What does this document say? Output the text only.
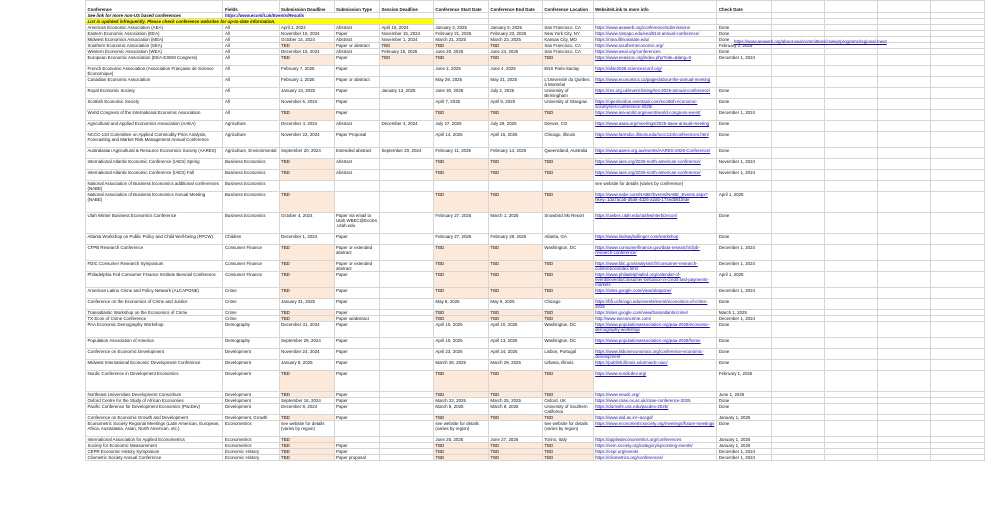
Conference	Fields	Submission Deadline	Submission Type	Session Deadline	Conference Start Date	Conference End Date	Conference Location	Website/Link to more info	Check Date				
See link for more non-US based conferences	https://www.econlit.uk/Events/Results												
List is updated infrequently. Please check conference websites for up-to-date information.													
American Economic Association (AEA)	All	April 1, 2024	Abstract	April 15, 2024	January 3, 2025	January 5, 2025	San Francisco, CA	https://www.aeaweb.org/conference/submissions	Done				
Eastern Economic Association (EEA)	All	November 15, 2024	Paper	November 15, 2024	February 21, 2025	February 23, 2025	New York City, NY	https://www.ramapo.edu/eea/51st-annual-conference/	Done				
Midwest Economics Association (MEA)	All	October 14, 2024	Abstract	November 1, 2024	March 21, 2025	March 23, 2025	Kansas City, MO	https://mea.illinoisstate.edu/	Done				
Southern Economic Association (SEA)	All	TBD	Paper or abstract	TBD	TBD	TBD	San Francisco, CA	https://www.southerneconomic.org/	February 1, 2025				
Western Economic Association (WEA)	All	December 15, 2024	Abstract	February 15, 2025	June 20, 2025	June 24, 2025	San Francisco, CA	https://www.weai.org/conferences	Done				
European Economic Association (EEA-ESEM Congress)	All	TBD	Paper	TBD	TBD	TBD	TBD	https://www.eeassoc.org/index.php?site=&lang=0	December 1, 2024				
French Economic Association (Association Française de Science Économique)	All	February 7, 2025	Paper		June 2, 2025	June 4, 2025	ENS Paris-Saclay	https://afse2025.sciencesconf.org/					
Canadian Economic Association	All	February 1, 2025	Paper or abstract		May 29, 2025	May 31, 2025	L'Université du Québec à Montréal	https://www.economics.ca/pages/about-the-annual-meeting					
Royal Economic Society	All	January 13, 2025	Paper	January 13, 2025	June 30, 2025	July 2, 2025	University of Birmingham	https://res.org.uk/event-listing/res-2025-annual-conference/	Done				
Scottish Economic Society	All	November 6, 2024	Paper		April 7, 2025	April 9, 2025	University of Glasgow	https://openlondon.eventsair.com/scottish-economic-society/ses-conference-2025/	Done				
World Congress of the International Economic Association	All	TBD	Paper		TBD	TBD	TBD	https://www.iea-world.org/event/world-congress-event/	December 1, 2024				
Agricultural and Applied Economics Association (AAEA)	Agriculture	December 4, 2024	Abstract	December 4, 2024	July 27, 2025	July 29, 2025	Denver, CO	https://www.aaea.org/meetings/2025-aaea-annual-meeting	Done				
NCCC-134 Committee on Applied Commodity Price Analysis, Forecasting and Market Risk Management Annual Conference	Agriculture	November 22, 2024	Paper Proposal		April 14, 2025	April 15, 2025	Chicago, Illinois	https://www.farmdoc.illinois.edu/nccc134/conferences.html	Done				
Australasian Agricultural & Resource Economics Society (AARES)	Agriculture, Environmental	September 20, 2024	Extended abstract	September 20, 2024	February 11, 2025	February 14, 2025	Queensland, Australia	https://www.aares.org.au/events/AARES-2025-Conference/	Done				
International Atlantic Economic Conference (IAES) Spring	Business Economics	TBD	Abstract		TBD	TBD	TBD	https://www.iaes.org/2025-north-american-conference/	November 1, 2024				
International Atlantic Economic Conference (IAES) Fall	Business Economics	TBD	Abstract		TBD	TBD	TBD	https://www.iaes.org/2025-north-american-conference/	November 1, 2024				
National Association of Business Economics additional conferences (NABE)	Business Economics							see website for details (varies by conference)					
National Association of Business Economics Annual Meeting (NABE)	Business Economics	TBD			TBD	TBD	TBD	https://www.nabe.com/NABE/Events/NABE_Events.aspx?hkey=1da7acab-d5a5-4d25-a2ab-174edb915fde	April 1, 2025				
Utah Winter Business Economics Conference	Business Economics	October 4, 2024	Paper via email to Utah.WBEC@Eccles.Utah.edu		February 27, 2025	March 1, 2025	Snowbird Ski Resort	https://uwbec.utah.edu/utahwinterbizecon/	Done				
Atlanta Workshop on Public Policy and Child Well-being (FPCW)	Children	December 1, 2024	Paper		February 27, 2025	February 28, 2025	Atlanta, GA	https://www.lindsaybullinger.com/workshop	Done				
CFPB Research Conference	Consumer Finance	TBD	Paper or extended abstract		TBD	TBD	Washington, DC	https://www.consumerfinance.gov/data-research/cfpb-research-conference/	December 1, 2024				
FDIC Consumer Research Symposium	Consumer Finance	TBD	Paper or extended abstract		TBD	TBD	TBD	https://www.fdic.gov/analysis/cfr/consumer-research-conference/index.html	December 1, 2024				
Philadelphia Fed Consumer Finance Institute Biennial Conference	Consumer Finance	TBD	Paper		TBD	TBD	TBD	https://www.philadelphiafed.org/calendar-of-events/events/consumer-behavior-in-credit-and-payments-markets	April 1, 2025				
American Latino Crime and Policy Network (ALCAPONE)	Crime	TBD	Paper		TBD	TBD	TBD	https://sites.google.com/view/alcapone/	December 1, 2024				
Conference on the Economics of Crime and Justice	Crime	January 31, 2025	Paper		May 8, 2025	May 9, 2025	Chicago	https://bfi.uchicago.edu/events/event/economics-of-crime-2025	Done				
Transatlantic Workshop on the Economics of Crime	Crime	TBD	Paper		TBD	TBD	TBD	https://sites.google.com/view/transatlanticcrime/	March 1, 2025				
TX Econ of Crime Conference	Crime	TBD	Paper w/abstract		TBD	TBD	TBD	http://www.txeconcrime.com/	December 1, 2024				
PAA Economic Demography Workshop	Demography	December 31, 2024	Paper		April 10, 2025	April 10, 2025	Washington, DC	https://www.populationassociation.org/paa-2025/economic-demography-workshop	Done				
Population Association of America	Demography	September 29, 2024	Paper		April 10, 2025	April 13, 2025	Washington, DC	https://www.populationassociation.org/paa-2025/home	Done				
Conference on Economic Development	Development	November 24, 2024	Paper		April 23, 2025	April 24, 2025	Lisbon, Portugal	https://www.lisboneconomics.org/conference-economic-development	Done				
Midwest International Economic Development Conference	Development	January 8, 2025	Paper		March 28, 2025	March 29, 2025	Urbana, Illinois	https://publish.illinois.edu/miedc-uiuc/	Done				
Nordic Conference in Development Economics	Development	TBD	Paper		TBD	TBD	TBD	https://www.nordicdev.org/	February 1, 2025				
Northeast Universities Development Consortium	Development	TBD	Paper		TBD	TBD	TBD	https://www.neudc.org/	June 1, 2025				
Oxford Centre for the Study of African Economies	Development	September 16, 2024	Paper		March 23, 2025	March 25, 2025	Oxford, UK	https://www.csae.ox.ac.uk/csae-conference-2025	Done				
Pacific Conference for Development Economics (PacDev)	Development	December 8, 2024	Paper		March 8, 2025	March 8, 2025	University of Southern California	https://dornsife.usc.edu/pacdev-2025/	Done				
Conference on Economic Growth and Development	Development, Growth	TBD	Paper		TBD	TBD	TBD	https://www.isid.ac.in/~acegd/	January 1, 2025				
Econometric Society Regional Meetings (Latin American, European, Africa, Australasia, Asian, North American, etc.)	Econometrics	see website for details (varies by region)			see website for details (varies by region)		see website for details (varies by region)	https://www.econometricsociety.org/meetings/future-meetings	Done				
International Association for Applied Econometrics	Econometrics	TBD			June 25, 2025	June 27, 2025	Torino, Italy	https://appliedeconometrics.org/conferences	January 1, 2025				
Society for Economic Measurement	Econometrics	TBD	Paper		TBD	TBD	TBD	https://sem.society.org/category/upcoming-events/	January 1, 2025				
CEPR Economic History Symposium	Economic History	TBD	Paper		TBD	TBD	TBD	https://cepr.org/events	December 1, 2024				
Cliometric Society Annual Conference	Economic History	TBD	Paper proposal		TBD	TBD	TBD	https://cliometrics.org/conferences/	December 1, 2024				
https://www.aeaweb.org/about-aea/committees/cswep/programs/regional-meet
